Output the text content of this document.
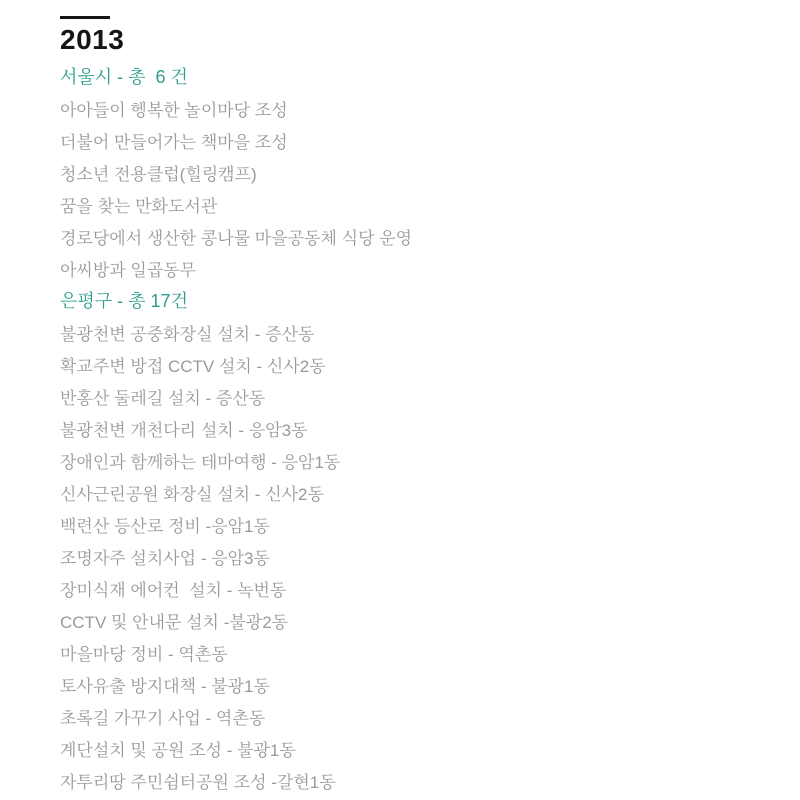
2013
서울시 - 총  6 건
아아들이 헹복한 놀이마당 조성
더불어 만들어가는 책마을 조성
청소년 전용클럽(힐링캠프)
꿈을 찾는 만화도서관
경로당에서 생산한 콩나물 마을공동체 식당 운영
아씨방과 일곱동무
은평구 - 총 17건
불광천변 공중화장실 설치 - 증산동
확교주변 방접 CCTV 설치 - 신사2동
반홍산 둘레길 설치 - 증산동
불광천변 개천다리 설치 - 응암3동
장애인과 함께하는 테마여행 - 응암1동
신사근린공원 화장실 설치 - 신사2동
백련산 등산로 정비 -응암1동
조명자주 설치사업 - 응암3동
장미식재 에어컨  설치 - 녹번동
CCTV 및 안내문 설치 -불광2동
마을마당 정비 - 역촌동
토사유출 방지대책 - 불광1동
초록길 가꾸기 사업 - 역촌동
계단설치 및 공원 조성 - 불광1동
자투리땅 주민쉼터공원 조성 -갈현1동
